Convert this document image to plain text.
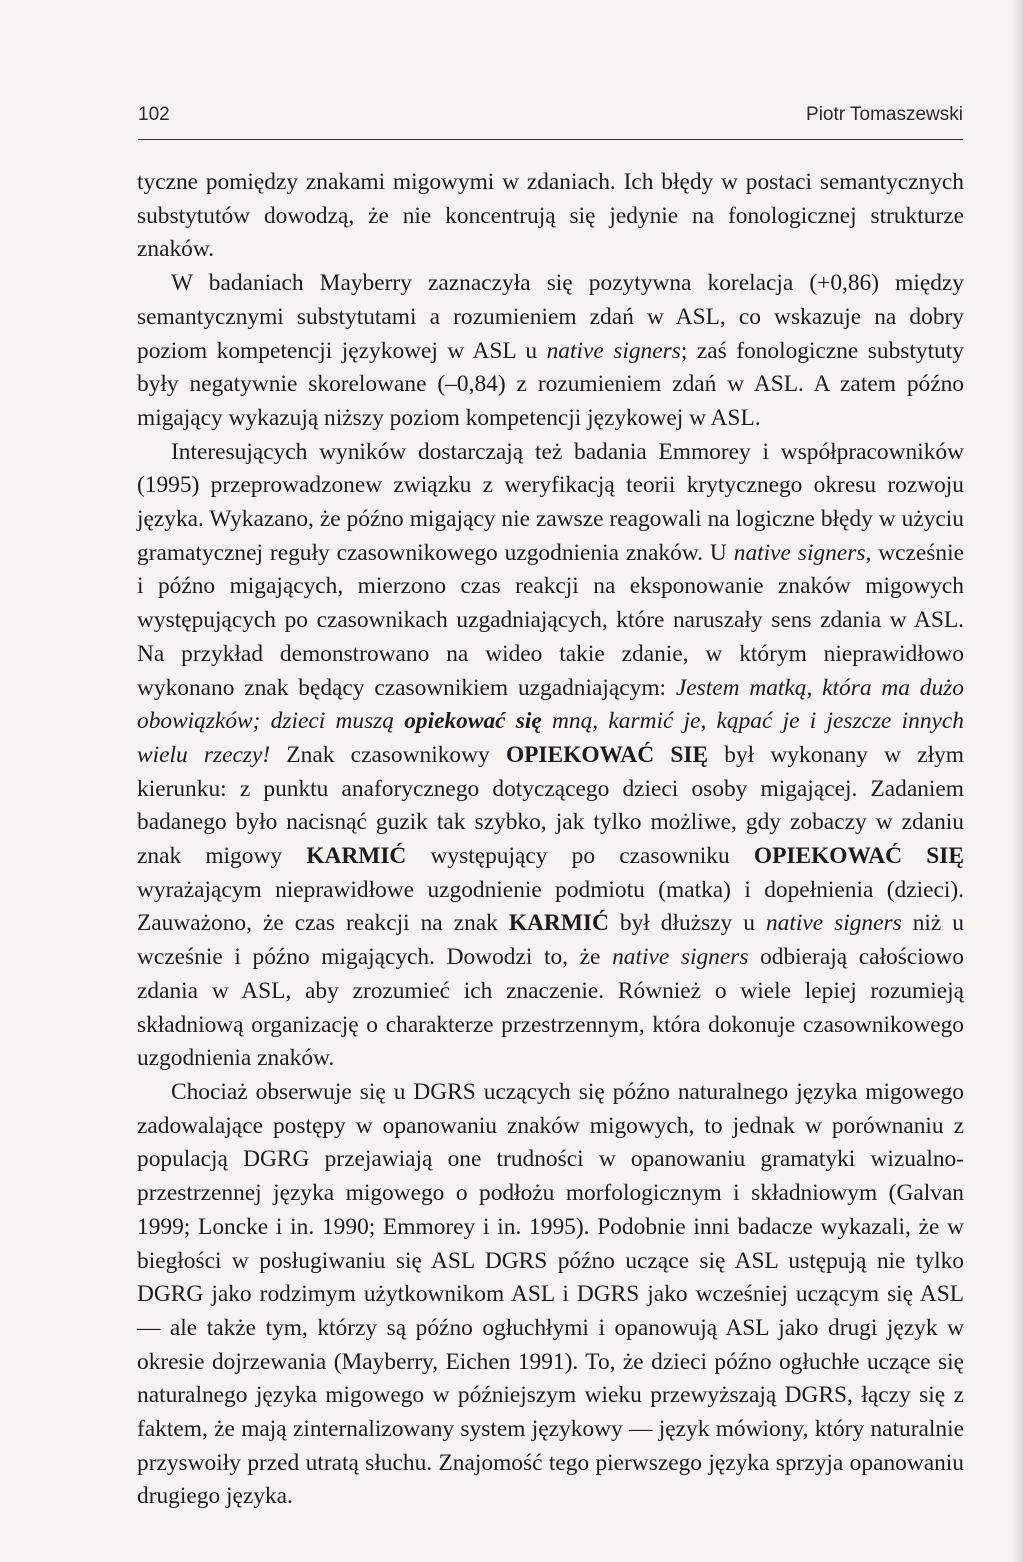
102	Piotr Tomaszewski

tyczne pomiędzy znakami migowymi w zdaniach. Ich błędy w postaci semantycznych substytutów dowodzą, że nie koncentrują się jedynie na fonologicznej strukturze znaków.

W badaniach Mayberry zaznaczyła się pozytywna korelacja (+0,86) między semantycznymi substytutami a rozumieniem zdań w ASL, co wskazuje na dobry poziom kompetencji językowej w ASL u native signers; zaś fonologiczne substytuty były negatywnie skorelowane (–0,84) z rozumieniem zdań w ASL. A zatem późno migający wykazują niższy poziom kompetencji językowej w ASL.

Interesujących wyników dostarczają też badania Emmorey i współpracowników (1995) przeprowadzonew związku z weryfikacją teorii krytycznego okresu rozwoju języka. Wykazano, że późno migający nie zawsze reagowali na logiczne błędy w użyciu gramatycznej reguły czasownikowego uzgodnienia znaków. U native signers, wcześnie i późno migających, mierzono czas reakcji na eksponowanie znaków migowych występujących po czasownikach uzgadniających, które naruszały sens zdania w ASL. Na przykład demonstrowano na wideo takie zdanie, w którym nieprawidłowo wykonano znak będący czasownikiem uzgadniającym: Jestem matką, która ma dużo obowiązków; dzieci muszą opiekować się mną, karmić je, kąpać je i jeszcze innych wielu rzeczy! Znak czasownikowy OPIEKOWAĆ SIĘ był wykonany w złym kierunku: z punktu anaforycznego dotyczącego dzieci osoby migającej. Zadaniem badanego było nacisnąć guzik tak szybko, jak tylko możliwe, gdy zobaczy w zdaniu znak migowy KARMIĆ występujący po czasowniku OPIEKOWAĆ SIĘ wyrażającym nieprawidłowe uzgodnienie podmiotu (matka) i dopełnienia (dzieci). Zauważono, że czas reakcji na znak KARMIĆ był dłuższy u native signers niż u wcześnie i późno migających. Dowodzi to, że native signers odbierają całościowo zdania w ASL, aby zrozumieć ich znaczenie. Również o wiele lepiej rozumieją składniową organizację o charakterze przestrzennym, która dokonuje czasownikowego uzgodnienia znaków.

Chociaż obserwuje się u DGRS uczących się późno naturalnego języka migowego zadowalające postępy w opanowaniu znaków migowych, to jednak w porównaniu z populacją DGRG przejawiają one trudności w opanowaniu gramatyki wizualno-przestrzennej języka migowego o podłożu morfologicznym i składniowym (Galvan 1999; Loncke i in. 1990; Emmorey i in. 1995). Podobnie inni badacze wykazali, że w biegłości w posługiwaniu się ASL DGRS późno uczące się ASL ustępują nie tylko DGRG jako rodzimym użytkownikom ASL i DGRS jako wcześniej uczącym się ASL — ale także tym, którzy są późno ogłuchłymi i opanowują ASL jako drugi język w okresie dojrzewania (Mayberry, Eichen 1991). To, że dzieci późno ogłuchłe uczące się naturalnego języka migowego w późniejszym wieku przewyższają DGRS, łączy się z faktem, że mają zinternalizowany system językowy — język mówiony, który naturalnie przyswoiły przed utratą słuchu. Znajomość tego pierwszego języka sprzyja opanowaniu drugiego języka.
